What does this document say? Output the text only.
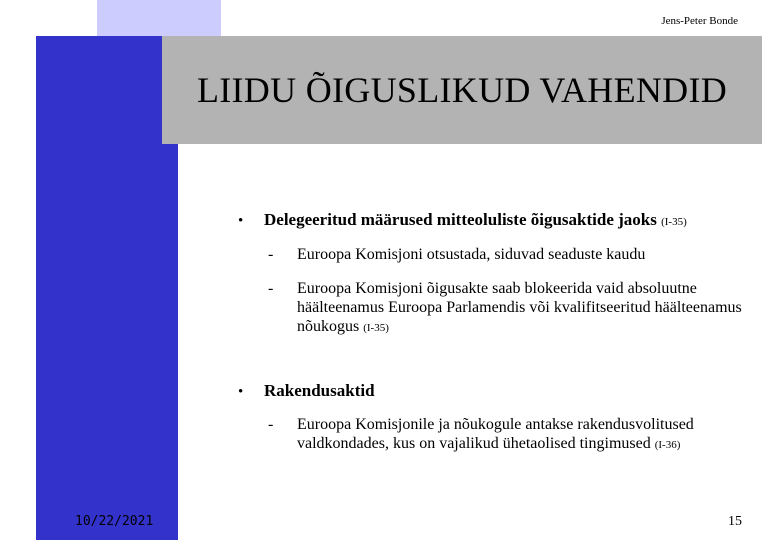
Jens-Peter Bonde
LIIDU ÕIGUSLIKUD VAHENDID
• Delegeeritud määrused mitteoluliste õigusaktide jaoks (I-35)
- Euroopa Komisjoni otsustada, siduvad seaduste kaudu
- Euroopa Komisjoni õigusakte saab blokeerida vaid absoluutne häälteenamus Euroopa Parlamendis või kvalifitseeritud häälteenamus nõukogus (I-35)
• Rakendusaktid
- Euroopa Komisjonile ja nõukogule antakse rakendusvolitused valdkondades, kus on vajalikud ühetaolised tingimused (I-36)
10/22/2021	15
